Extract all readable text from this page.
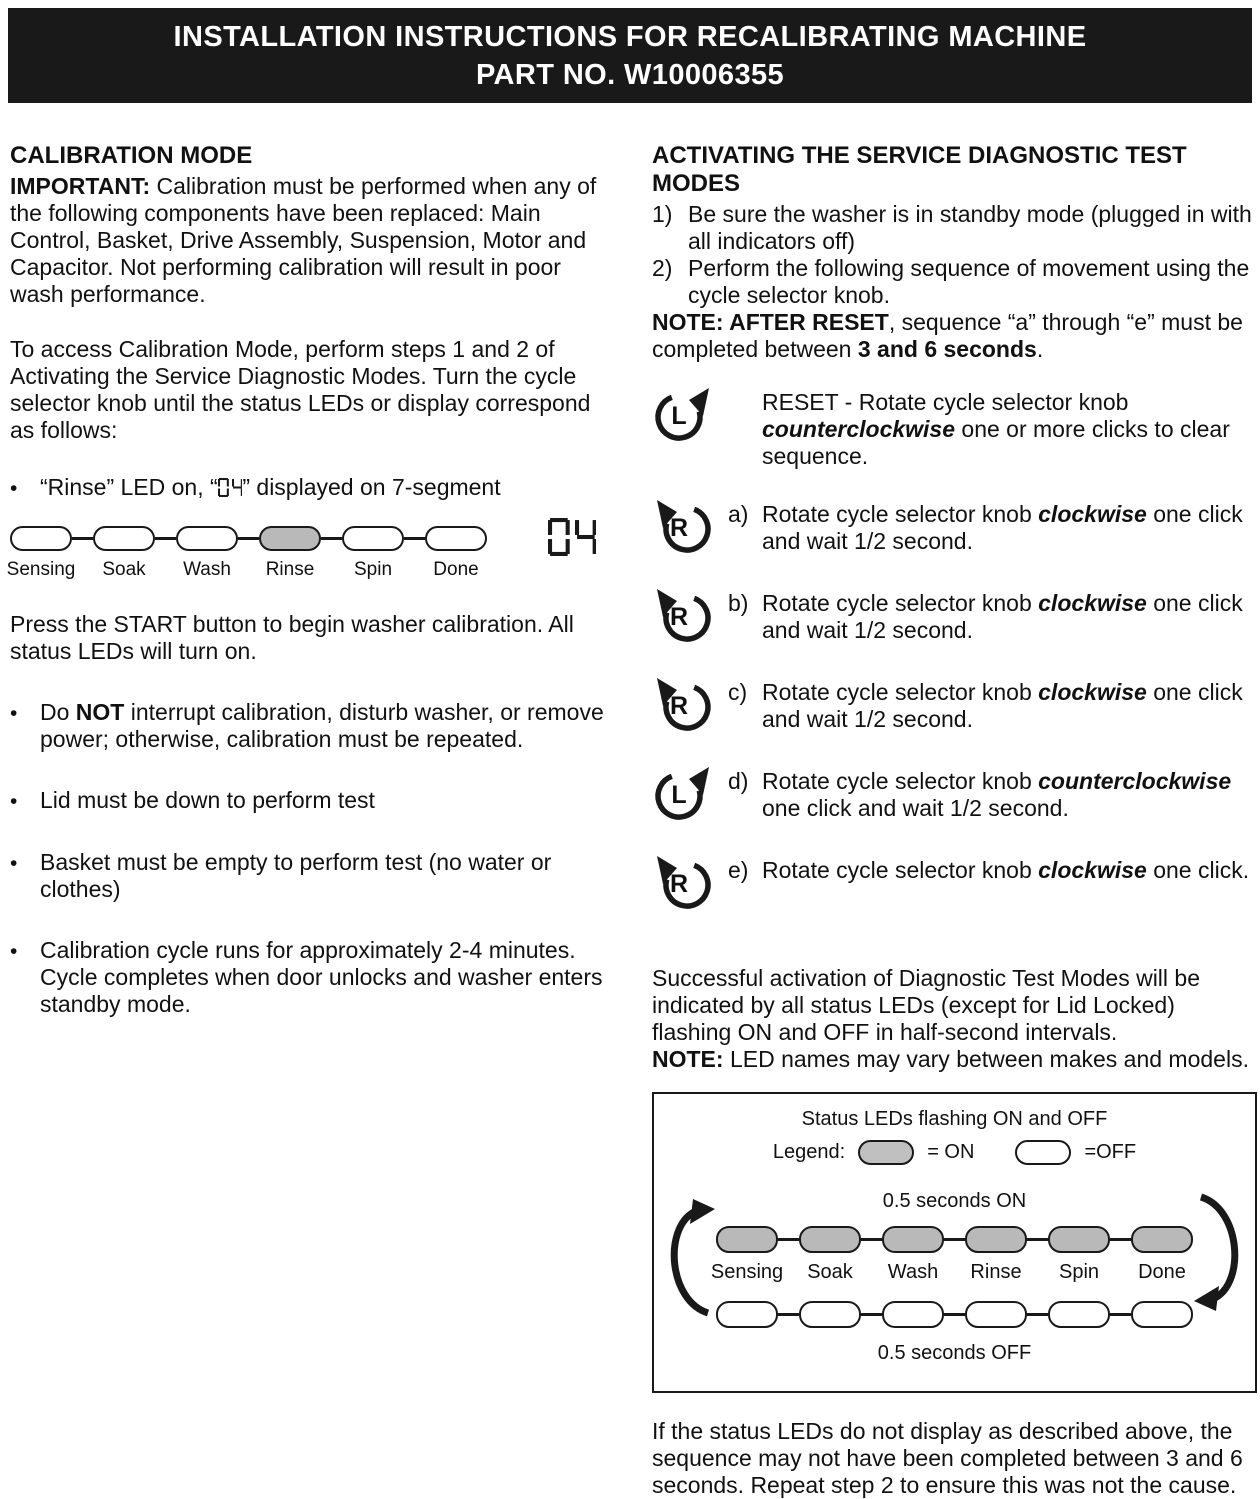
INSTALLATION INSTRUCTIONS FOR RECALIBRATING MACHINE
PART NO. W10006355
CALIBRATION MODE

IMPORTANT: Calibration must be performed when any of the following components have been replaced: Main Control, Basket, Drive Assembly, Suspension, Motor and Capacitor. Not performing calibration will result in poor wash performance.

To access Calibration Mode, perform steps 1 and 2 of Activating the Service Diagnostic Modes. Turn the cycle selector knob until the status LEDs or display correspond as follows:

•
“Rinse” LED on, “ ” displayed on 7-segment
Sensing Soak Wash Rinse Spin Done

Press the START button to begin washer calibration. All status LEDs will turn on.

•
Do NOT interrupt calibration, disturb washer, or remove power; otherwise, calibration must be repeated.
•
Lid must be down to perform test
•
Basket must be empty to perform test (no water or clothes)
•
Calibration cycle runs for approximately 2-4 minutes. Cycle completes when door unlocks and washer enters standby mode.
ACTIVATING THE SERVICE DIAGNOSTIC TEST MODES
1) Be sure the washer is in standby mode (plugged in with all indicators off)
2) Perform the following sequence of movement using the cycle selector knob.

NOTE: AFTER RESET, sequence “a” through “e” must be completed between 3 and 6 seconds.

L	RESET - Rotate cycle selector knob counterclockwise one or more clicks to clear sequence.
R	a) Rotate cycle selector knob clockwise one click and wait 1/2 second.
R	b) Rotate cycle selector knob clockwise one click and wait 1/2 second.
R	c) Rotate cycle selector knob clockwise one click and wait 1/2 second.
L	d) Rotate cycle selector knob counterclockwise one click and wait 1/2 second.
R	e) Rotate cycle selector knob clockwise one click.

Successful activation of Diagnostic Test Modes will be indicated by all status LEDs (except for Lid Locked) flashing ON and OFF in half-second intervals.

NOTE: LED names may vary between makes and models.

Status LEDs flashing ON and OFF
Legend:	= ON	=OFF
0.5 seconds ON
Sensing Soak Wash Rinse Spin Done
0.5 seconds OFF

If the status LEDs do not display as described above, the sequence may not have been completed between 3 and 6 seconds. Repeat step 2 to ensure this was not the cause.
